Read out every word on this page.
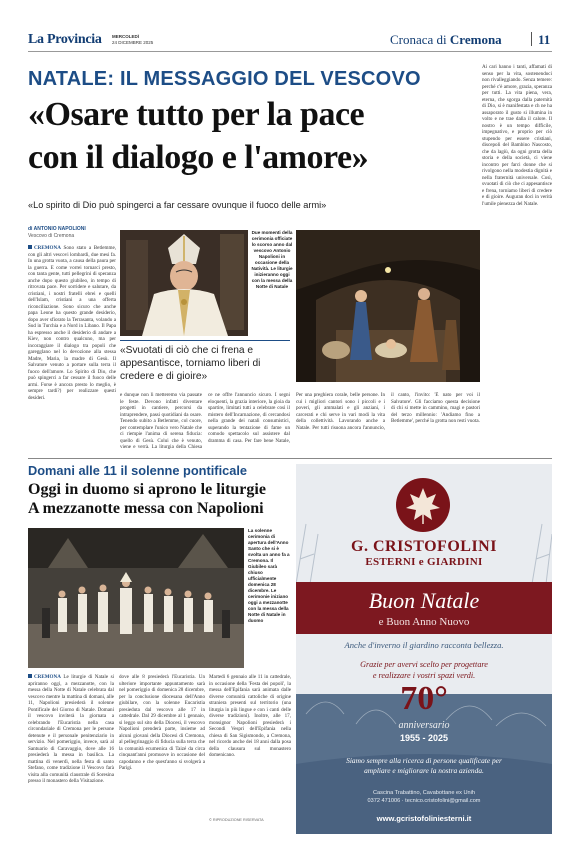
La Provincia MERCOLEDÌ
24 DICEMBRE 2025	Cronaca di Cremona	11
NATALE: IL MESSAGGIO DEL VESCOVO
«Osare tutto per la pace
con il dialogo e l'amore»
«Lo spirito di Dio può spingerci a far cessare ovunque il fuoco delle armi»

Ai cari hanno i tanti, affamati di senso per la vita, sostenendoci non rivalleggiando. Senza temere: perché c'è amore, grazia, speranza per tutti. La vita piena, vera, eterna, che sgorga dalla paternità di Dio, si è manifestata e ch ne ha assaporato il gusto si illumina in volto e ne trae dalla il calore. Il nostro è un tempo difficile, impegnativo, e proprio per ciò stupendo per essere cristiani, discepoli del Bambino Nascosto, che da lagiù, da ogni grotta della storia e della società, ci viene incontro per farci donne che si rivolgono nella modestia dignità e nella fraternità universale. Così, svuotati di ciò che ci appesantisce e frena, torniamo liberi di credere e di gioire. Auguran doci in verità l'umile pienezza del Natale.

di ANTONIO NAPOLIONI
Vescovo di Cremona

CREMONA Sono stato a Betlemme, con gli altri vescovi lombardi, due mesi fa. In una grotta vuota, a causa della paura per la guerra. E come vorrei tornarci presto, con tanta gente, tutti pellegrini di speranza anche dopo questo giubileo, in tempo di ritrovata pace. Per sorridere e salutare, da cristiani, i nostri fratelli ebrei e quelli dell'Islam, cristiani a una offerta riconciliazione. Sono sicuro che anche papa Leone ha questo grande desiderio, dopo aver sfiorato la Terrasanta, volando a Sud in Turchia e a Nord in Libano. Il Papa ha espresso anche il desiderio di andare a Kiev, non contro qualcuno, ma per incoraggiare il dialogo tra popoli che garegglano nel lo devozione alla stessa Madre, Maria, la madre di Gesù. Il Salvatore venuto a portare sulla terra il fuoco dell'amore. Lo Spirito di Dio, che può spingerci a far cessare il fuoco delle armi. Forse è ancora presto lo meglio, è sempre tardi?) per realizzare questi desideri.

Due momenti della cerimonia officiate lo scorso anno dal vescovo Antonio Napolioni in occasione della Natività. Le liturgie inizieranno oggi con la messa della Notte di Natale
«Svuotati di ciò che ci frena e appesantisce, torniamo liberi di credere e di gioire»

e dunque non li metteremo via passate le feste. Devono infatti diventare progetti in cantiere, percorsi da intraprendere, passi quotidiani da osare. Tenendo subito a Betlemme, col cuore, per contemplare l'unico vero Natale che ci riempie l'anima di serena fiducia: quello di Gesù. Colui che è venuto, viene e verrà. La liturgia della Chiesa ce ne offre l'annuncio sicuro. I segni eloquenti, la grazia interiore, la gioia da spartire, limitati tutti a celebrare così il mistero dell'Incarnazione, di cercandosi nella grande dei natali consumistici, superando la tentazione di fame un comodo spettacolo sul assistere dal dramma di casa. Per fare bene Natale,

Per una preghiera corale, belle persone. In cui i migliori cantori sono i piccoli e i poveri, gli ammalati e gli anziani, i carcerati e chi serve in vari modi la vita della collettività. Lavorando anche a Natale. Per tutti risuona ancora l'annuncio, il canto, l'invito: 'È nato per voi il Salvatore'. Gli facciamo questa decisione di chi si mette in cammino, magi e pastori del terzo millennio: 'Andiamo fino a Betlemme', perché la grotta non resti vuota.

Domani alle 11 il solenne pontificale
Oggi in duomo si aprono le liturgie
A mezzanotte messa con Napolioni
La solenne cerimonia di apertura dell'Anno Santo che si è svolta un anno fa a Cremona. Il Giubileo sarà chiuso ufficialmente domenica 28 dicembre. Le cerimonie iniziano oggi a mezzanotte con la messa della Notte di Natale in duomo

CREMONA Le liturgie di Natale si apriranno oggi, a mezzanotte, con la messa della Notte di Natale celebrata dal vescovo mentre la mattina di domani, alle 11, Napolioni presiederà il solenne Pontificale del Giorno di Natale. Domani il vescovo inviterà la giornata a celebrando l'Eucaristia nella casa circondariale di Cremona per le persone detenute e il personale penitenziario in servizio. Nel pomeriggio, invece, sarà al Santuario di Caravaggio, dove alle 16 presiederà la messa in basilica. La mattina di venerdì, nella festa di santo Stefano, come tradizione il Vescovo farà visita alla comunità claustrale di Soresina presso il monastero della Visitazione.

dove alle 8 presiederà l'Eucaristia. Un ulteriore importante appuntamento sarà nel pomeriggio di domenica 28 dicembre, per la conclusione diocesana dell'Anno giubilare, con la solenne Eucaristia presieduta dal vescovo alle 17 in cattedrale. Dal 29 dicembre al 1 gennaio, si leggo sul sito della Diocesi, il vescovo Napolioni prenderà parte, insieme ad alcuni giovani della Diocesi di Cremona, al pellegrinaggio di fiducia sulla terra che la comunità ecumenica di Taizé da circa cinquant'anni promuove in occasione del capodanno e che quest'anno si svolgerà a Parigi.

Martedì 6 gennaio alle 11 in cattedrale, in occasione della 'Festa dei popoli', la messa dell'Epifania sarà animata dalle diverse comunità cattoliche di origine straniera presenti sul territorio (una liturgia in più lingue e con i canti delle diverse tradizioni). Inoltre, alle 17, monsignor Napolioni presiederà i Secondi Vespri dell'Epifania nella chiesa di San Sigismondo, a Cremona, nel ricordo anche dei 18 anni dalla posa della clausura sul monastero domenicano.

© RIPRODUZIONE RISERVATA
G. CRISTOFOLINI
ESTERNI e GIARDINI
Buon Natale
e Buon Anno Nuovo
Anche d'inverno il giardino racconta bellezza.
Grazie per avervi scelto per progettare
e realizzare i vostri spazi verdi.
70°
anniversario
1955 - 2025
Siamo sempre alla ricerca di persone qualificate per
ampliare e migliorare la nostra azienda.
Cascina Trabattino, Cavabottane ex Unih
0372 471006 · tecnico.cristofolini@gmail.com
www.gcristofoliniesterni.it
